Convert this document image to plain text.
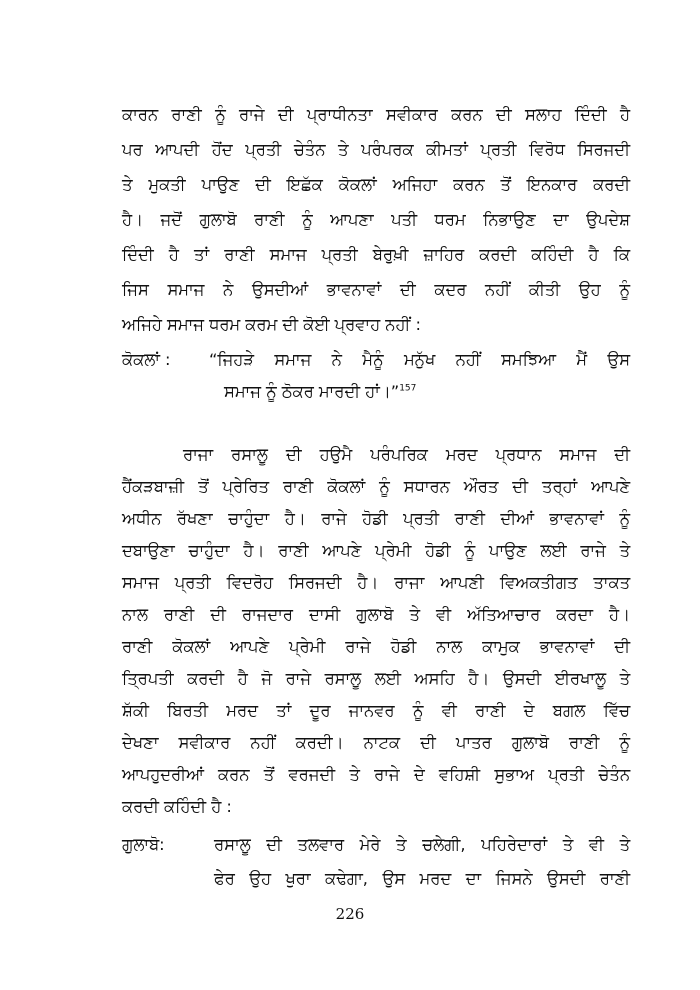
ਕਾਰਨ ਰਾਣੀ ਨੂੰ ਰਾਜੇ ਦੀ ਪ੍ਰਾਧੀਨਤਾ ਸਵੀਕਾਰ ਕਰਨ ਦੀ ਸਲਾਹ ਦਿੰਦੀ ਹੈ
ਪਰ ਆਪਦੀ ਹੋਂਦ ਪ੍ਰਤੀ ਚੇਤੰਨ ਤੇ ਪਰੰਪਰਕ ਕੀਮਤਾਂ ਪ੍ਰਤੀ ਵਿਰੋਧ ਸਿਰਜਦੀ
ਤੇ ਮੁਕਤੀ ਪਾਉਣ ਦੀ ਇਛੱਕ ਕੋਕਲਾਂ ਅਜਿਹਾ ਕਰਨ ਤੋਂ ਇਨਕਾਰ ਕਰਦੀ
ਹੈ। ਜਦੋਂ ਗੁਲਾਬੋ ਰਾਣੀ ਨੂੰ ਆਪਣਾ ਪਤੀ ਧਰਮ ਨਿਭਾਉਣ ਦਾ ਉਪਦੇਸ਼
ਦਿੰਦੀ ਹੈ ਤਾਂ ਰਾਣੀ ਸਮਾਜ ਪ੍ਰਤੀ ਬੇਰੁਖ਼ੀ ਜ਼ਾਹਿਰ ਕਰਦੀ ਕਹਿੰਦੀ ਹੈ ਕਿ
ਜਿਸ ਸਮਾਜ ਨੇ ਉਸਦੀਆਂ ਭਾਵਨਾਵਾਂ ਦੀ ਕਦਰ ਨਹੀਂ ਕੀਤੀ ਉਹ ਨੂੰ
ਅਜਿਹੇ ਸਮਾਜ ਧਰਮ ਕਰਮ ਦੀ ਕੋਈ ਪ੍ਰਵਾਹ ਨਹੀਂ :
ਕੋਕਲਾਂ : “ਜਿਹੜੇ ਸਮਾਜ ਨੇ ਮੈਨੂੰ ਮਨੁੱਖ ਨਹੀਂ ਸਮਝਿਆ ਮੈਂ ਉਸ
ਸਮਾਜ ਨੂੰ ਠੋਕਰ ਮਾਰਦੀ ਹਾਂ।”$^{157}$
ਰਾਜਾ ਰਸਾਲੂ ਦੀ ਹਉਮੈ ਪਰੰਪਰਿਕ ਮਰਦ ਪ੍ਰਧਾਨ ਸਮਾਜ ਦੀ
ਹੈਂਕੜਬਾਜ਼ੀ ਤੋਂ ਪ੍ਰੇਰਿਤ ਰਾਣੀ ਕੋਕਲਾਂ ਨੂੰ ਸਧਾਰਨ ਔਰਤ ਦੀ ਤਰ੍ਹਾਂ ਆਪਣੇ
ਅਧੀਨ ਰੱਖਣਾ ਚਾਹੁੰਦਾ ਹੈ। ਰਾਜੇ ਹੋਡੀ ਪ੍ਰਤੀ ਰਾਣੀ ਦੀਆਂ ਭਾਵਨਾਵਾਂ ਨੂੰ
ਦਬਾਉਣਾ ਚਾਹੁੰਦਾ ਹੈ। ਰਾਣੀ ਆਪਣੇ ਪ੍ਰੇਮੀ ਹੋਡੀ ਨੂੰ ਪਾਉਣ ਲਈ ਰਾਜੇ ਤੇ
ਸਮਾਜ ਪ੍ਰਤੀ ਵਿਦਰੋਹ ਸਿਰਜਦੀ ਹੈ। ਰਾਜਾ ਆਪਣੀ ਵਿਅਕਤੀਗਤ ਤਾਕਤ
ਨਾਲ ਰਾਣੀ ਦੀ ਰਾਜਦਾਰ ਦਾਸੀ ਗੁਲਾਬੋ ਤੇ ਵੀ ਅੱਤਿਆਚਾਰ ਕਰਦਾ ਹੈ।
ਰਾਣੀ ਕੋਕਲਾਂ ਆਪਣੇ ਪ੍ਰੇਮੀ ਰਾਜੇ ਹੋਡੀ ਨਾਲ ਕਾਮੁਕ ਭਾਵਨਾਵਾਂ ਦੀ
ਤ੍ਰਿਪਤੀ ਕਰਦੀ ਹੈ ਜੋ ਰਾਜੇ ਰਸਾਲੂ ਲਈ ਅਸਹਿ ਹੈ। ਉਸਦੀ ਈਰਖਾਲੂ ਤੇ
ਸ਼ੱਕੀ ਬਿਰਤੀ ਮਰਦ ਤਾਂ ਦੂਰ ਜਾਨਵਰ ਨੂੰ ਵੀ ਰਾਣੀ ਦੇ ਬਗਲ ਵਿੱਚ
ਦੇਖਣਾ ਸਵੀਕਾਰ ਨਹੀਂ ਕਰਦੀ। ਨਾਟਕ ਦੀ ਪਾਤਰ ਗੁਲਾਬੋ ਰਾਣੀ ਨੂੰ
ਆਪਹੁਦਰੀਆਂ ਕਰਨ ਤੋਂ ਵਰਜਦੀ ਤੇ ਰਾਜੇ ਦੇ ਵਹਿਸ਼ੀ ਸੁਭਾਅ ਪ੍ਰਤੀ ਚੇਤੰਨ
ਕਰਦੀ ਕਹਿੰਦੀ ਹੈ :
ਗੁਲਾਬੋ:	ਰਸਾਲੂ ਦੀ ਤਲਵਾਰ ਮੇਰੇ ਤੇ ਚਲੇਗੀ, ਪਹਿਰੇਦਾਰਾਂ ਤੇ ਵੀ ਤੇ
ਫੇਰ ਉਹ ਖੁਰਾ ਕਢੇਗਾ, ਉਸ ਮਰਦ ਦਾ ਜਿਸਨੇ ਉਸਦੀ ਰਾਣੀ
226
